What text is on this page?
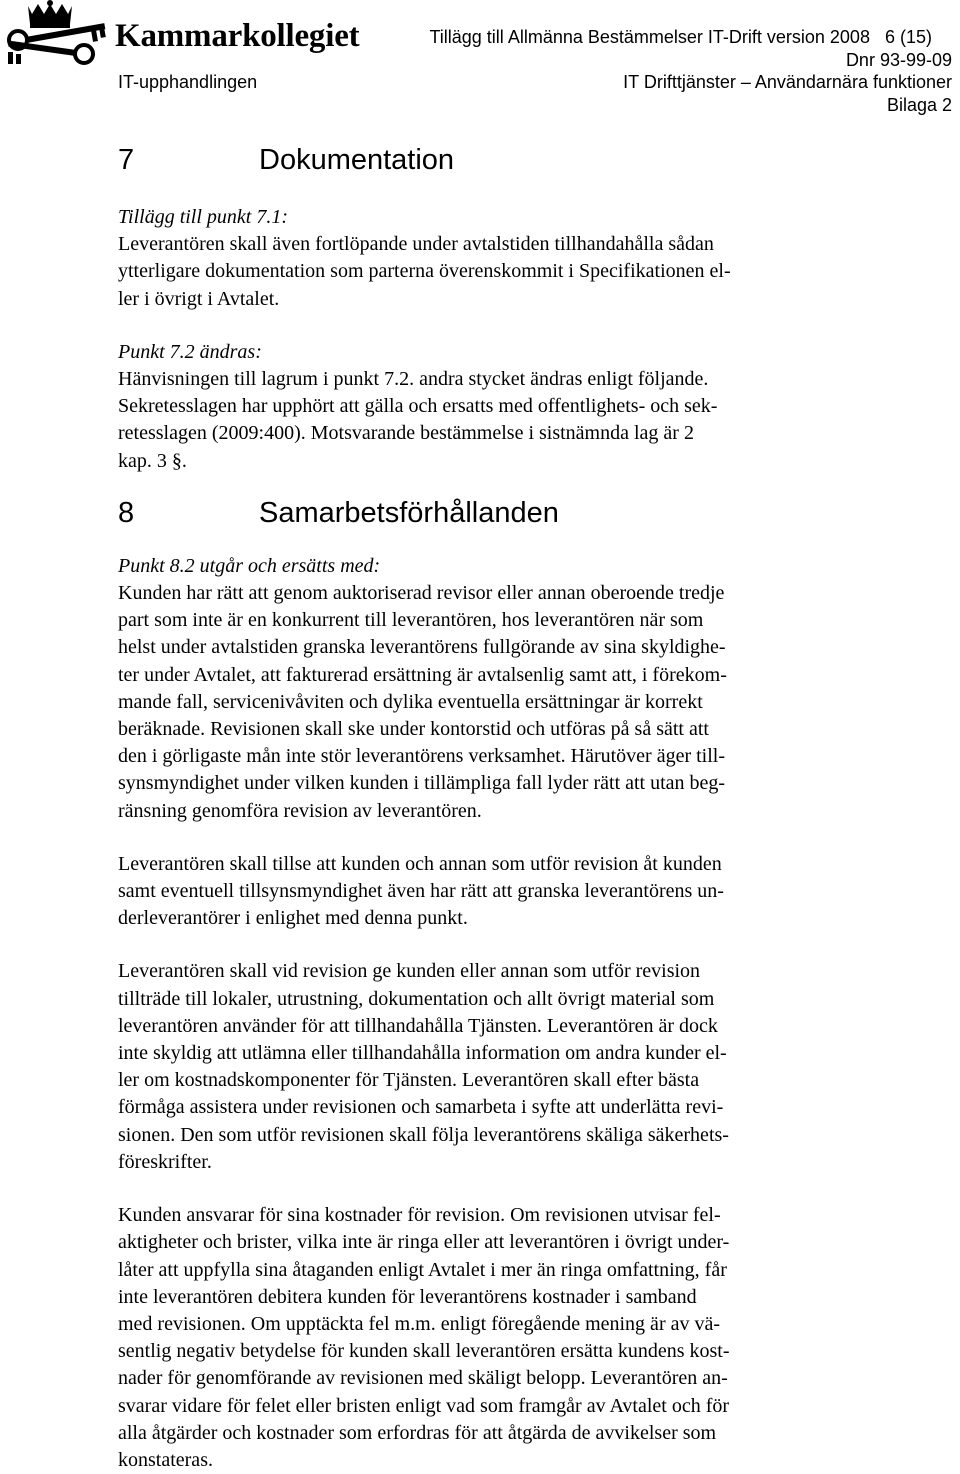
Kammarkollegiet	Tillägg till Allmänna Bestämmelser IT-Drift version 2008 6 (15)
Dnr 93-99-09
IT-upphandlingen	IT Drifttjänster – Användarnära funktioner
Bilaga 2
7	Dokumentation

Tillägg till punkt 7.1:

Leverantören skall även fortlöpande under avtalstiden tillhandahålla sådan
ytterligare dokumentation som parterna överenskommit i Specifikationen el-
ler i övrigt i Avtalet.

Punkt 7.2 ändras:

Hänvisningen till lagrum i punkt 7.2. andra stycket ändras enligt följande.
Sekretesslagen har upphört att gälla och ersatts med offentlighets- och sek-
retesslagen (2009:400). Motsvarande bestämmelse i sistnämnda lag är 2
kap. 3 §.

8	Samarbetsförhållanden

Punkt 8.2 utgår och ersätts med:

Kunden har rätt att genom auktoriserad revisor eller annan oberoende tredje
part som inte är en konkurrent till leverantören, hos leverantören när som
helst under avtalstiden granska leverantörens fullgörande av sina skyldighe-
ter under Avtalet, att fakturerad ersättning är avtalsenlig samt att, i förekom-
mande fall, servicenivåviten och dylika eventuella ersättningar är korrekt
beräknade. Revisionen skall ske under kontorstid och utföras på så sätt att
den i görligaste mån inte stör leverantörens verksamhet. Härutöver äger till-
synsmyndighet under vilken kunden i tillämpliga fall lyder rätt att utan beg-
ränsning genomföra revision av leverantören.

Leverantören skall tillse att kunden och annan som utför revision åt kunden
samt eventuell tillsynsmyndighet även har rätt att granska leverantörens un-
derleverantörer i enlighet med denna punkt.

Leverantören skall vid revision ge kunden eller annan som utför revision
tillträde till lokaler, utrustning, dokumentation och allt övrigt material som
leverantören använder för att tillhandahålla Tjänsten. Leverantören är dock
inte skyldig att utlämna eller tillhandahålla information om andra kunder el-
ler om kostnadskomponenter för Tjänsten. Leverantören skall efter bästa
förmåga assistera under revisionen och samarbeta i syfte att underlätta revi-
sionen. Den som utför revisionen skall följa leverantörens skäliga säkerhets-
föreskrifter.

Kunden ansvarar för sina kostnader för revision. Om revisionen utvisar fel-
aktigheter och brister, vilka inte är ringa eller att leverantören i övrigt under-
låter att uppfylla sina åtaganden enligt Avtalet i mer än ringa omfattning, får
inte leverantören debitera kunden för leverantörens kostnader i samband
med revisionen. Om upptäckta fel m.m. enligt föregående mening är av vä-
sentlig negativ betydelse för kunden skall leverantören ersätta kundens kost-
nader för genomförande av revisionen med skäligt belopp. Leverantören an-
svarar vidare för felet eller bristen enligt vad som framgår av Avtalet och för
alla åtgärder och kostnader som erfordras för att åtgärda de avvikelser som
konstateras.
